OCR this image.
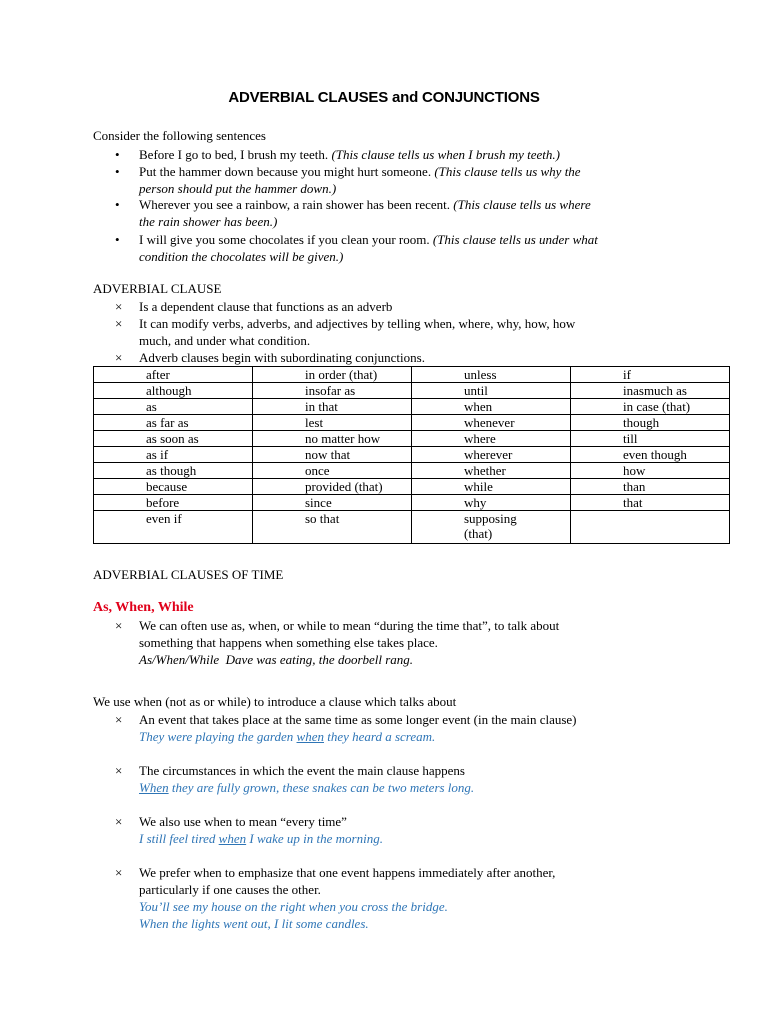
ADVERBIAL CLAUSES and CONJUNCTIONS
Consider the following sentences
•	Before I go to bed, I brush my teeth. (This clause tells us when I brush my teeth.)
•	Put the hammer down because you might hurt someone. (This clause tells us why the
person should put the hammer down.)
•	Wherever you see a rainbow, a rain shower has been recent. (This clause tells us where
the rain shower has been.)
•	I will give you some chocolates if you clean your room. (This clause tells us under what
condition the chocolates will be given.)
ADVERBIAL CLAUSE
×	Is a dependent clause that functions as an adverb
×	It can modify verbs, adverbs, and adjectives by telling when, where, why, how, how
much, and under what condition.
×	Adverb clauses begin with subordinating conjunctions.
after	in order (that)	unless	if
although	insofar as	until	inasmuch as
as	in that	when	in case (that)
as far as	lest	whenever	though
as soon as	no matter how	where	till
as if	now that	wherever	even though
as though	once	whether	how
because	provided (that)	while	than
before	since	why	that
even if	so that	supposing
(that)	
ADVERBIAL CLAUSES OF TIME
As, When, While
×	We can often use as, when, or while to mean “during the time that”, to talk about
something that happens when something else takes place.
As/When/While  Dave was eating, the doorbell rang.
We use when (not as or while) to introduce a clause which talks about
×	An event that takes place at the same time as some longer event (in the main clause)
They were playing the garden when they heard a scream.
×	The circumstances in which the event the main clause happens
When they are fully grown, these snakes can be two meters long.
×	We also use when to mean “every time”
I still feel tired when I wake up in the morning.
×	We prefer when to emphasize that one event happens immediately after another,
particularly if one causes the other.
You’ll see my house on the right when you cross the bridge.
When the lights went out, I lit some candles.
